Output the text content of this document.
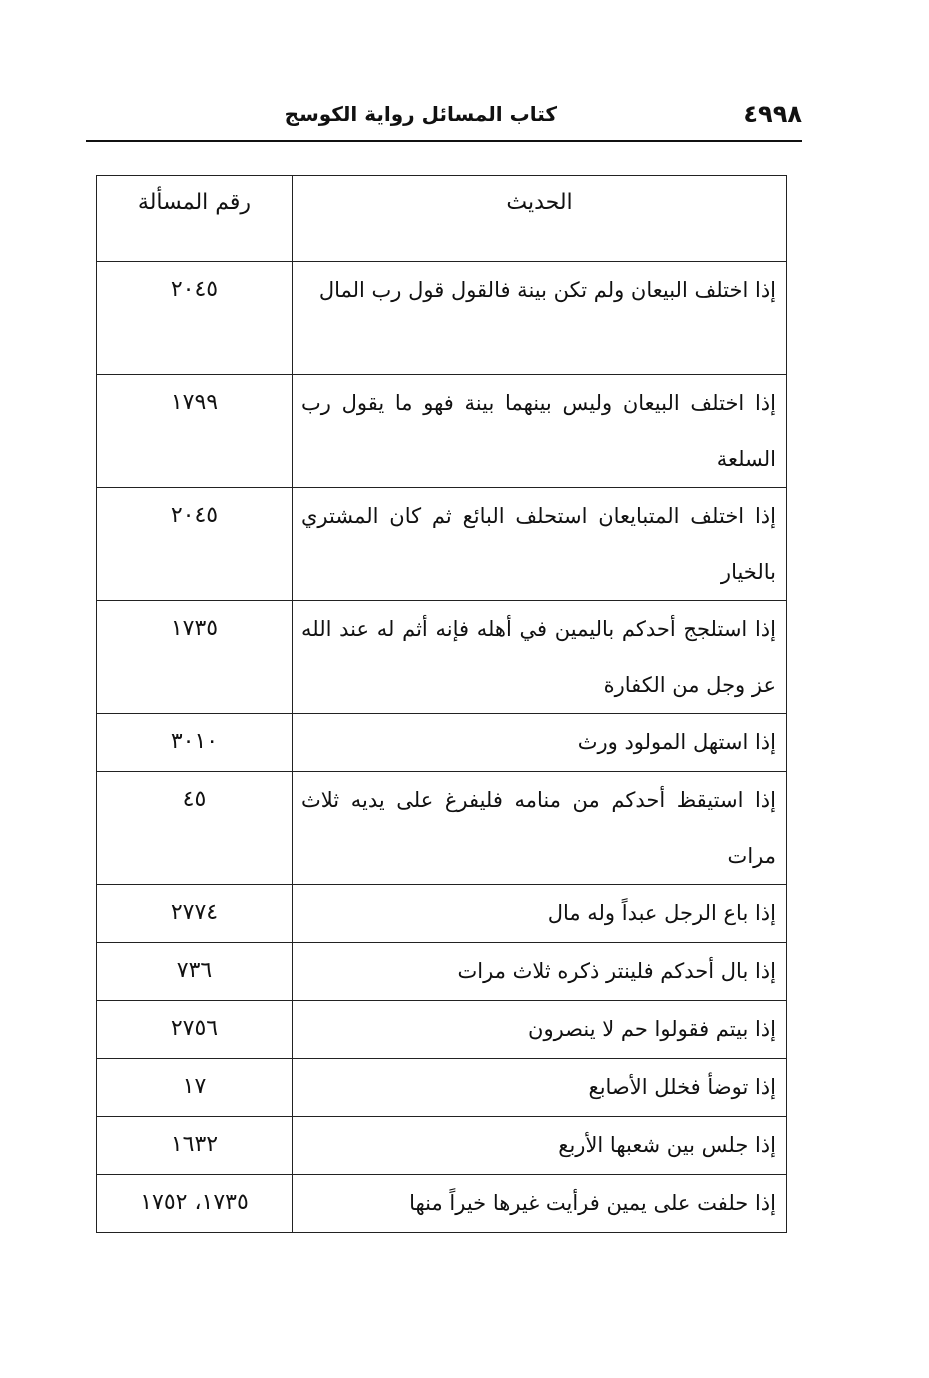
٤٩٩٨
كتاب المسائل رواية الكوسج
الحديث	رقم المسألة
إذا اختلف البيعان ولم تكن بينة فالقول قول رب المال	٢٠٤٥
إذا اختلف البيعان وليس بينهما بينة فهو ما يقول رب السلعة	١٧٩٩
إذا اختلف المتبايعان استحلف البائع ثم كان المشتري بالخيار	٢٠٤٥
إذا استلجج أحدكم باليمين في أهله فإنه أثم له عند الله عز وجل من الكفارة	١٧٣٥
إذا استهل المولود ورث	٣٠١٠
إذا استيقظ أحدكم من منامه فليفرغ على يديه ثلاث مرات	٤٥
إذا باع الرجل عبداً وله مال	٢٧٧٤
إذا بال أحدكم فلينتر ذكره ثلاث مرات	٧٣٦
إذا بيتم فقولوا حم لا ينصرون	٢٧٥٦
إذا توضأ فخلل الأصابع	١٧
إذا جلس بين شعبها الأربع	١٦٣٢
إذا حلفت على يمين فرأيت غيرها خيراً منها	١٧٣٥، ١٧٥٢
